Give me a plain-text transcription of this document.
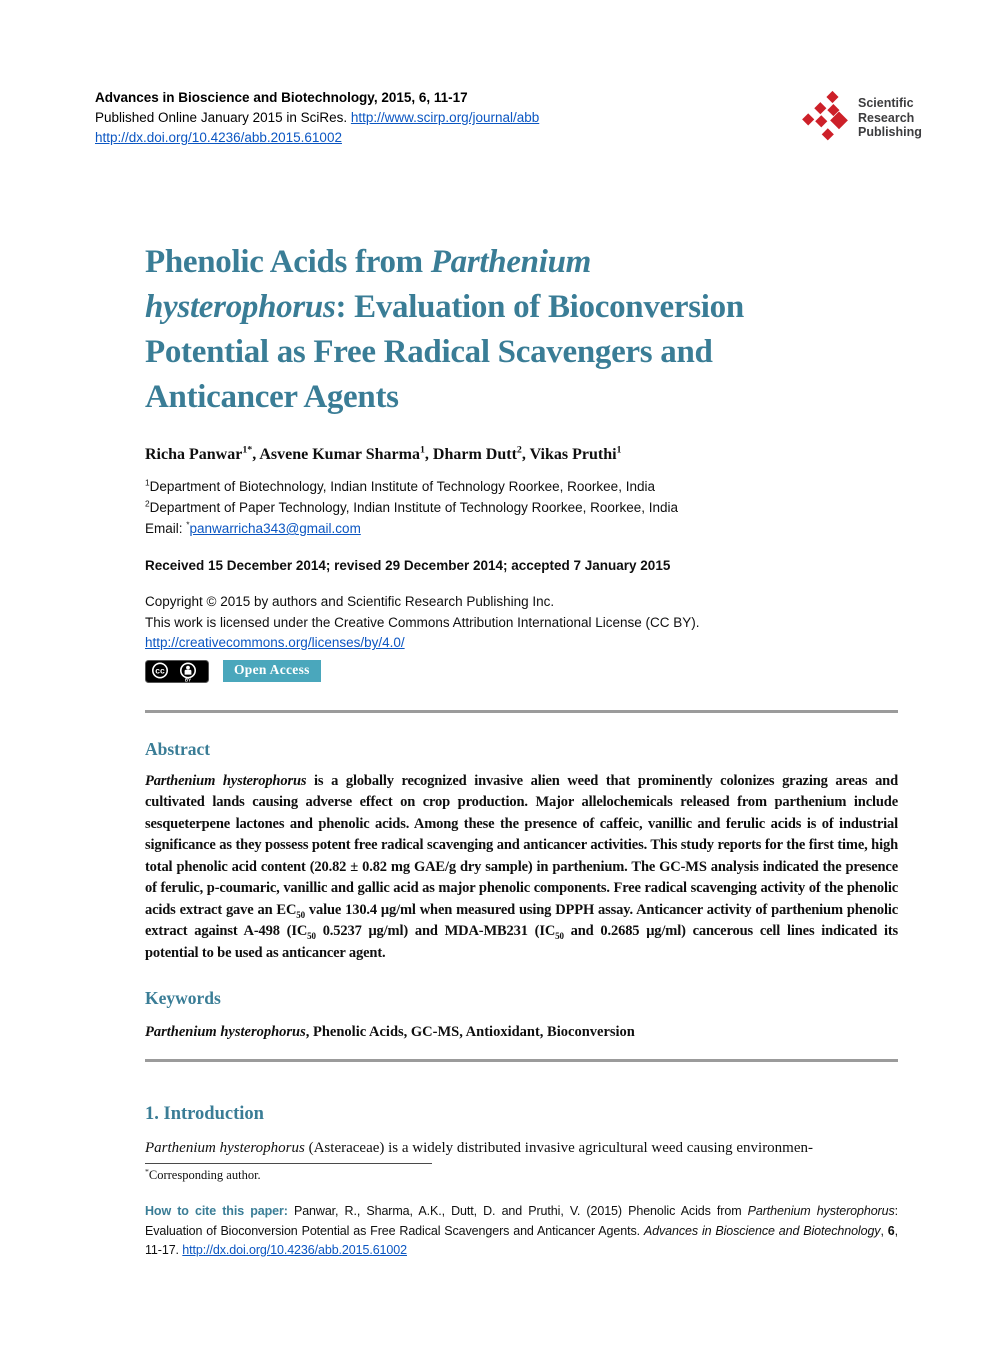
Advances in Bioscience and Biotechnology, 2015, 6, 11-17
Published Online January 2015 in SciRes. http://www.scirp.org/journal/abb
http://dx.doi.org/10.4236/abb.2015.61002
Scientific
Research
Publishing
Phenolic Acids from Parthenium
hysterophorus: Evaluation of Bioconversion
Potential as Free Radical Scavengers and
Anticancer Agents

Richa Panwar$^{1*}$, Asvene Kumar Sharma$^1$, Dharm Dutt$^2$, Vikas Pruthi$^1$

$^1$Department of Biotechnology, Indian Institute of Technology Roorkee, Roorkee, India

$^2$Department of Paper Technology, Indian Institute of Technology Roorkee, Roorkee, India

Email: *panwarricha343@gmail.com

Received 15 December 2014; revised 29 December 2014; accepted 7 January 2015

Copyright © 2015 by authors and Scientific Research Publishing Inc.

This work is licensed under the Creative Commons Attribution International License (CC BY).

http://creativecommons.org/licenses/by/4.0/

cc
BY
Open Access
Abstract

Parthenium hysterophorus is a globally recognized invasive alien weed that prominently colonizes grazing areas and cultivated lands causing adverse effect on crop production. Major allelochemicals released from parthenium include sesqueterpene lactones and phenolic acids. Among these the presence of caffeic, vanillic and ferulic acids is of industrial significance as they possess potent free radical scavenging and anticancer activities. This study reports for the first time, high total phenolic acid content (20.82 ± 0.82 mg GAE/g dry sample) in parthenium. The GC-MS analysis indicated the presence of ferulic, p-coumaric, vanillic and gallic acid as major phenolic components. Free radical scavenging activity of the phenolic acids extract gave an $EC_{50}$ value 130.4 μg/ml when measured using DPPH assay. Anticancer activity of parthenium phenolic extract against A-498 ($IC_{50}$ 0.5237 μg/ml) and MDA-MB231 ($IC_{50}$ and 0.2685 μg/ml) cancerous cell lines indicated its potential to be used as anticancer agent.

Keywords

Parthenium hysterophorus, Phenolic Acids, GC-MS, Antioxidant, Bioconversion

1. Introduction

Parthenium hysterophorus (Asteraceae) is a widely distributed invasive agricultural weed causing environmen-

*Corresponding author.

How to cite this paper: Panwar, R., Sharma, A.K., Dutt, D. and Pruthi, V. (2015) Phenolic Acids from Parthenium hysterophorus: Evaluation of Bioconversion Potential as Free Radical Scavengers and Anticancer Agents. Advances in Bioscience and Biotechnology, 6, 11-17. http://dx.doi.org/10.4236/abb.2015.61002
